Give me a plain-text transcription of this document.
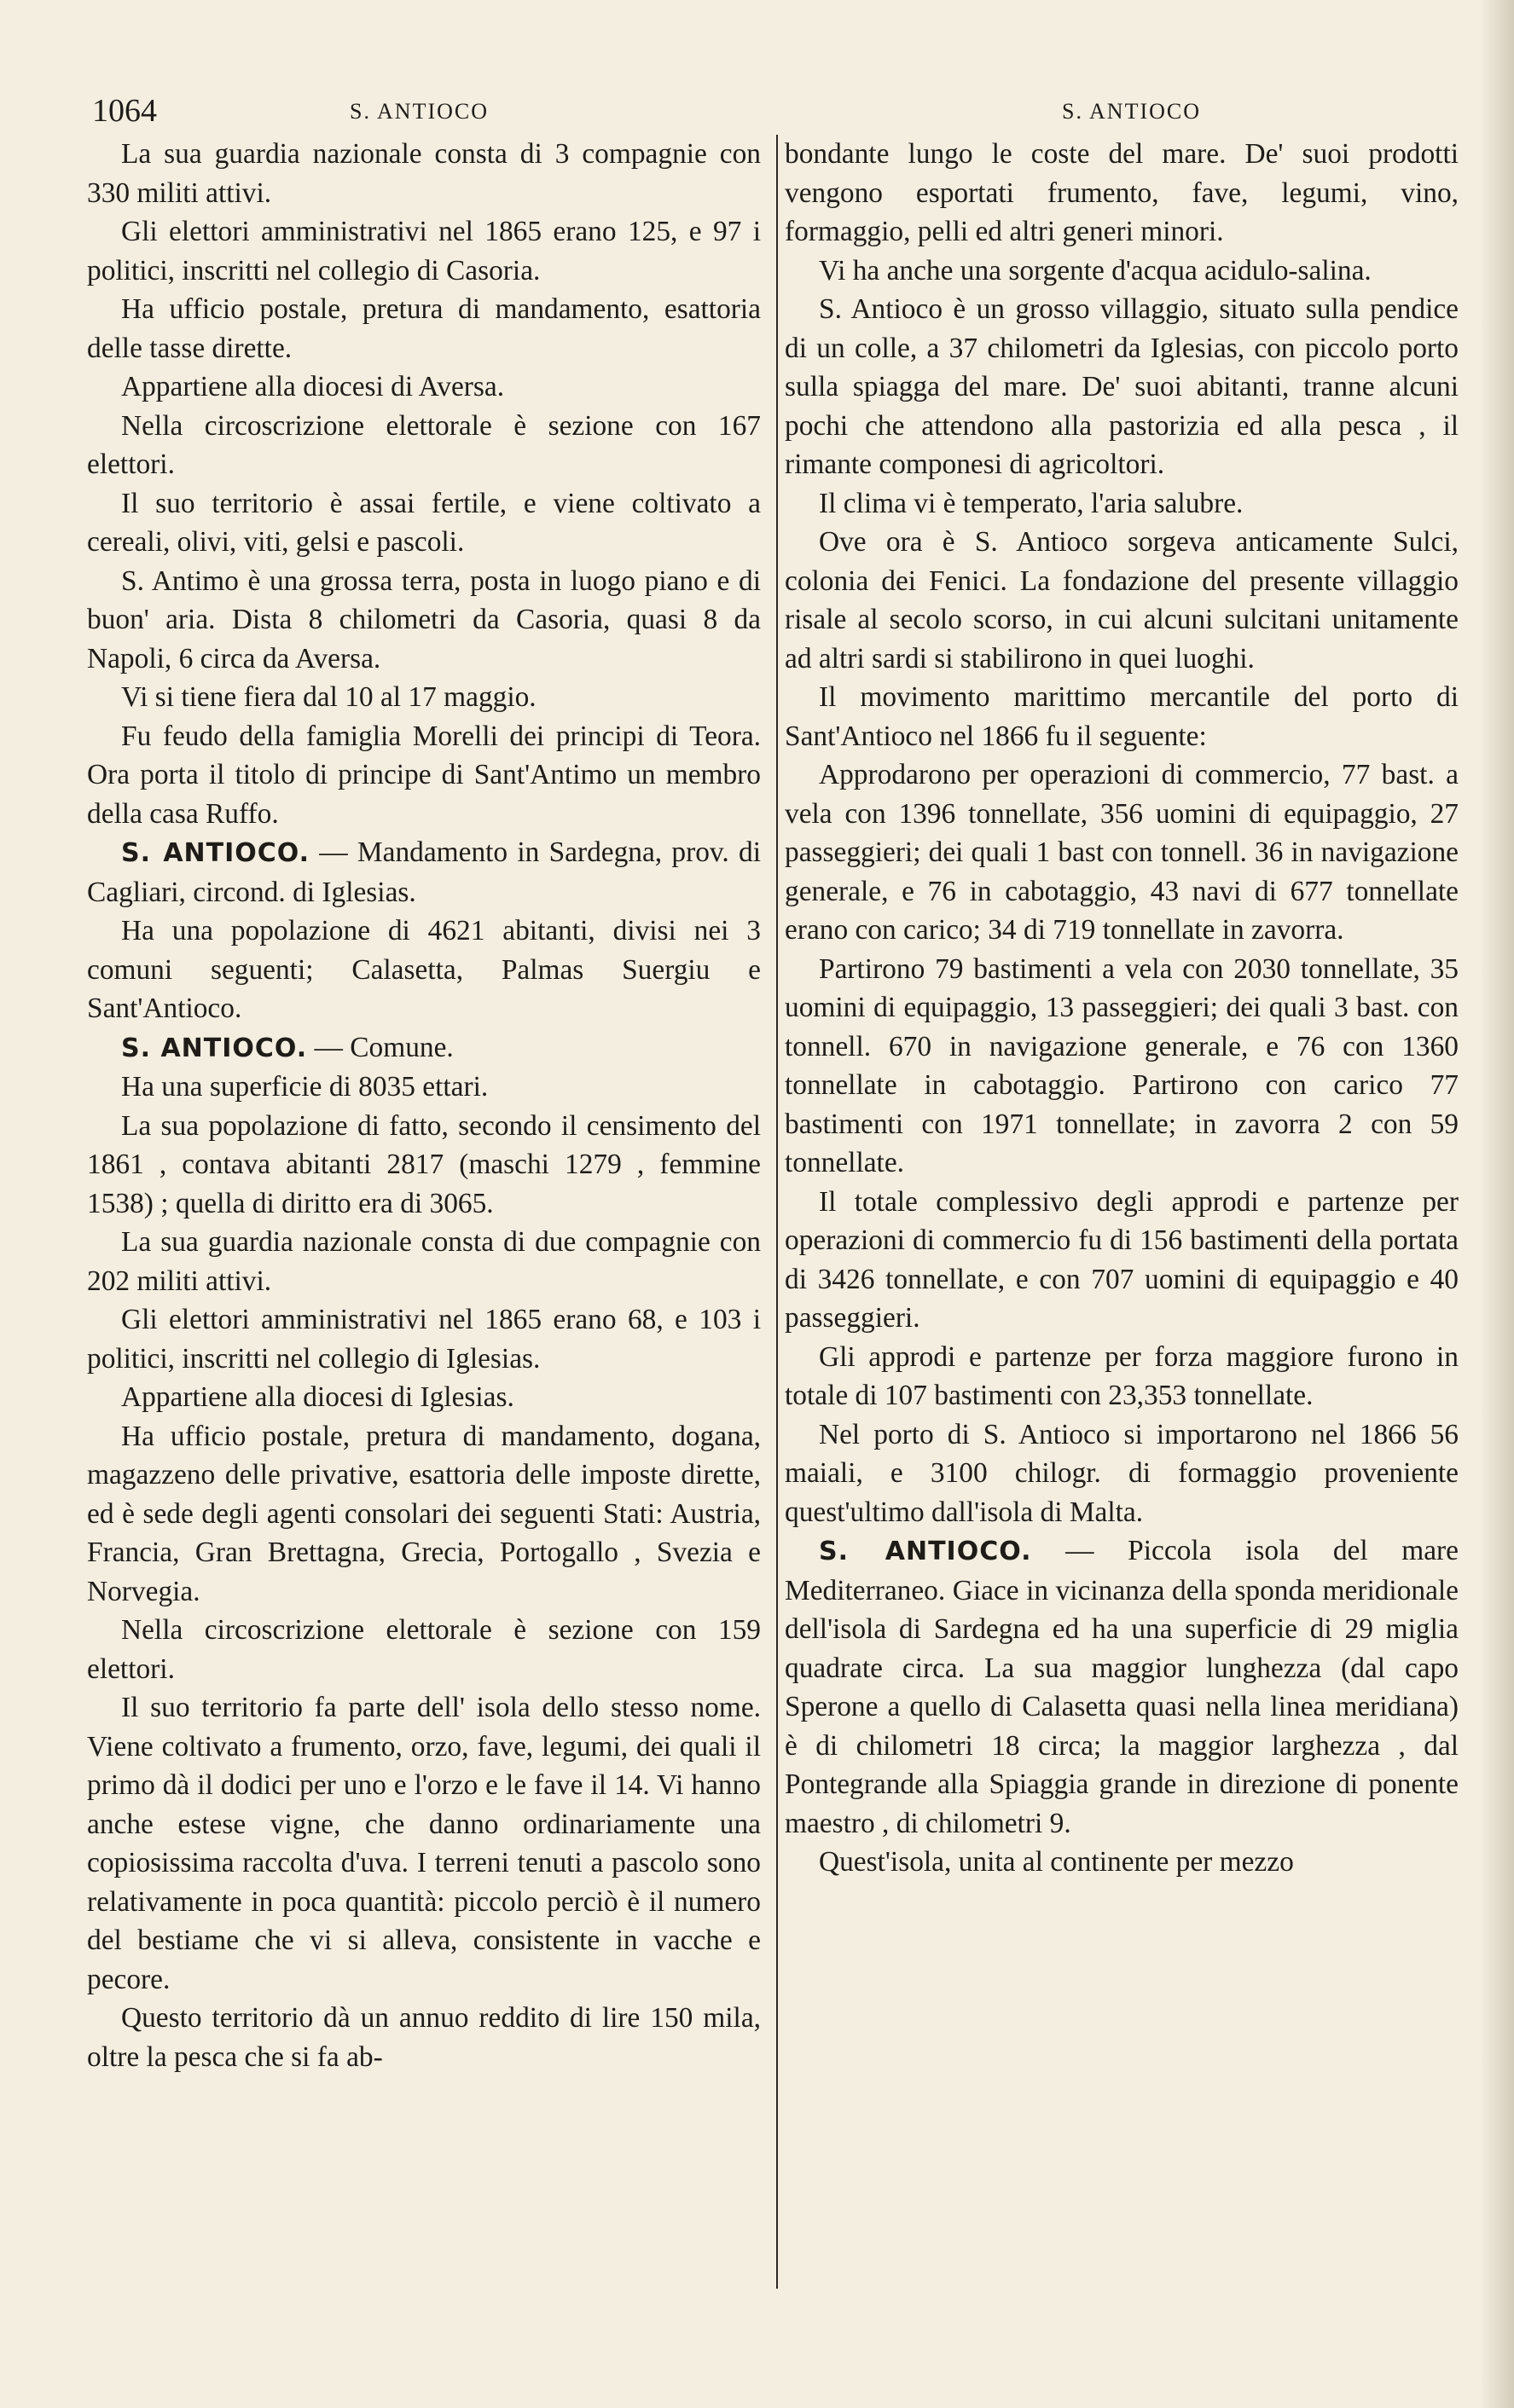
1064	S. ANTIOCO	S. ANTIOCO

La sua guardia nazionale consta di 3 compagnie con 330 militi attivi.

Gli elettori amministrativi nel 1865 erano 125, e 97 i politici, inscritti nel collegio di Casoria.

Ha ufficio postale, pretura di mandamento, esattoria delle tasse dirette.

Appartiene alla diocesi di Aversa.

Nella circoscrizione elettorale è sezione con 167 elettori.

Il suo territorio è assai fertile, e viene coltivato a cereali, olivi, viti, gelsi e pascoli.

S. Antimo è una grossa terra, posta in luogo piano e di buon' aria. Dista 8 chilometri da Casoria, quasi 8 da Napoli, 6 circa da Aversa.

Vi si tiene fiera dal 10 al 17 maggio.

Fu feudo della famiglia Morelli dei principi di Teora. Ora porta il titolo di principe di Sant'Antimo un membro della casa Ruffo.

S. ANTIOCO. — Mandamento in Sardegna, prov. di Cagliari, circond. di Iglesias.

Ha una popolazione di 4621 abitanti, divisi nei 3 comuni seguenti; Calasetta, Palmas Suergiu e Sant'Antioco.

S. ANTIOCO. — Comune.

Ha una superficie di 8035 ettari.

La sua popolazione di fatto, secondo il censimento del 1861 , contava abitanti 2817 (maschi 1279 , femmine 1538) ; quella di diritto era di 3065.

La sua guardia nazionale consta di due compagnie con 202 militi attivi.

Gli elettori amministrativi nel 1865 erano 68, e 103 i politici, inscritti nel collegio di Iglesias.

Appartiene alla diocesi di Iglesias.

Ha ufficio postale, pretura di mandamento, dogana, magazzeno delle privative, esattoria delle imposte dirette, ed è sede degli agenti consolari dei seguenti Stati: Austria, Francia, Gran Brettagna, Grecia, Portogallo , Svezia e Norvegia.

Nella circoscrizione elettorale è sezione con 159 elettori.

Il suo territorio fa parte dell' isola dello stesso nome. Viene coltivato a frumento, orzo, fave, legumi, dei quali il primo dà il dodici per uno e l'orzo e le fave il 14. Vi hanno anche estese vigne, che danno ordinariamente una copiosissima raccolta d'uva. I terreni tenuti a pascolo sono relativamente in poca quantità: piccolo perciò è il numero del bestiame che vi si alleva, consistente in vacche e pecore.

Questo territorio dà un annuo reddito di lire 150 mila, oltre la pesca che si fa ab-

bondante lungo le coste del mare. De' suoi prodotti vengono esportati frumento, fave, legumi, vino, formaggio, pelli ed altri generi minori.

Vi ha anche una sorgente d'acqua acidulo-salina.

S. Antioco è un grosso villaggio, situato sulla pendice di un colle, a 37 chilometri da Iglesias, con piccolo porto sulla spiagga del mare. De' suoi abitanti, tranne alcuni pochi che attendono alla pastorizia ed alla pesca , il rimante componesi di agricoltori.

Il clima vi è temperato, l'aria salubre.

Ove ora è S. Antioco sorgeva anticamente Sulci, colonia dei Fenici. La fondazione del presente villaggio risale al secolo scorso, in cui alcuni sulcitani unitamente ad altri sardi si stabilirono in quei luoghi.

Il movimento marittimo mercantile del porto di Sant'Antioco nel 1866 fu il seguente:

Approdarono per operazioni di commercio, 77 bast. a vela con 1396 tonnellate, 356 uomini di equipaggio, 27 passeggieri; dei quali 1 bast con tonnell. 36 in navigazione generale, e 76 in cabotaggio, 43 navi di 677 tonnellate erano con carico; 34 di 719 tonnellate in zavorra.

Partirono 79 bastimenti a vela con 2030 tonnellate, 35 uomini di equipaggio, 13 passeggieri; dei quali 3 bast. con tonnell. 670 in navigazione generale, e 76 con 1360 tonnellate in cabotaggio. Partirono con carico 77 bastimenti con 1971 tonnellate; in zavorra 2 con 59 tonnellate.

Il totale complessivo degli approdi e partenze per operazioni di commercio fu di 156 bastimenti della portata di 3426 tonnellate, e con 707 uomini di equipaggio e 40 passeggieri.

Gli approdi e partenze per forza maggiore furono in totale di 107 bastimenti con 23,353 tonnellate.

Nel porto di S. Antioco si importarono nel 1866 56 maiali, e 3100 chilogr. di formaggio proveniente quest'ultimo dall'isola di Malta.

S. ANTIOCO. — Piccola isola del mare Mediterraneo. Giace in vicinanza della sponda meridionale dell'isola di Sardegna ed ha una superficie di 29 miglia quadrate circa. La sua maggior lunghezza (dal capo Sperone a quello di Calasetta quasi nella linea meridiana) è di chilometri 18 circa; la maggior larghezza , dal Pontegrande alla Spiaggia grande in direzione di ponente maestro , di chilometri 9.

Quest'isola, unita al continente per mezzo
